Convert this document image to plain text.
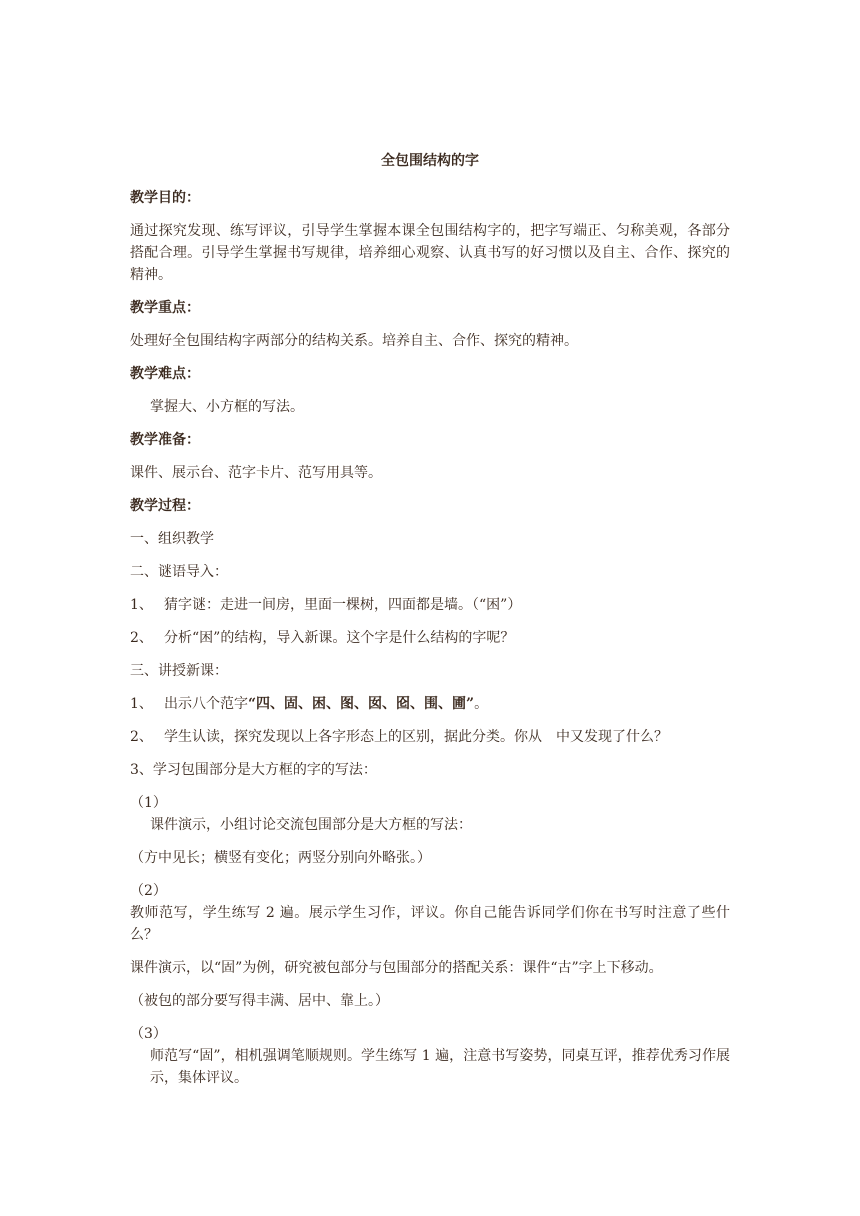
全包围结构的字
教学目的：
通过探究发现、练写评议，引导学生掌握本课全包围结构字的，把字写端正、匀称美观，各部分搭配合理。引导学生掌握书写规律，培养细心观察、认真书写的好习惯以及自主、合作、探究的精神。
教学重点：
处理好全包围结构字两部分的结构关系。培养自主、合作、探究的精神。
教学难点：
掌握大、小方框的写法。
教学准备：
课件、展示台、范字卡片、范写用具等。
教学过程：
一、组织教学
二、谜语导入：
1、 猜字谜：走进一间房，里面一棵树，四面都是墙。（“困”）
2、 分析“困”的结构，导入新课。这个字是什么结构的字呢？
三、讲授新课：
1、 出示八个范字“四、固、困、图、囡、囵、围、圃”。
2、 学生认读，探究发现以上各字形态上的区别，据此分类。你从 中又发现了什么？
3、学习包围部分是大方框的字的写法：
（1）
课件演示，小组讨论交流包围部分是大方框的写法：
（方中见长；横竖有变化；两竖分别向外略张。）
（2）
教师范写，学生练写 2 遍。展示学生习作，评议。你自己能告诉同学们你在书写时注意了些什么？
课件演示，以“固”为例，研究被包部分与包围部分的搭配关系：课件“古”字上下移动。
（被包的部分要写得丰满、居中、靠上。）
（3）
师范写“固”，相机强调笔顺规则。学生练写 1 遍，注意书写姿势，同桌互评，推荐优秀习作展示，集体评议。
